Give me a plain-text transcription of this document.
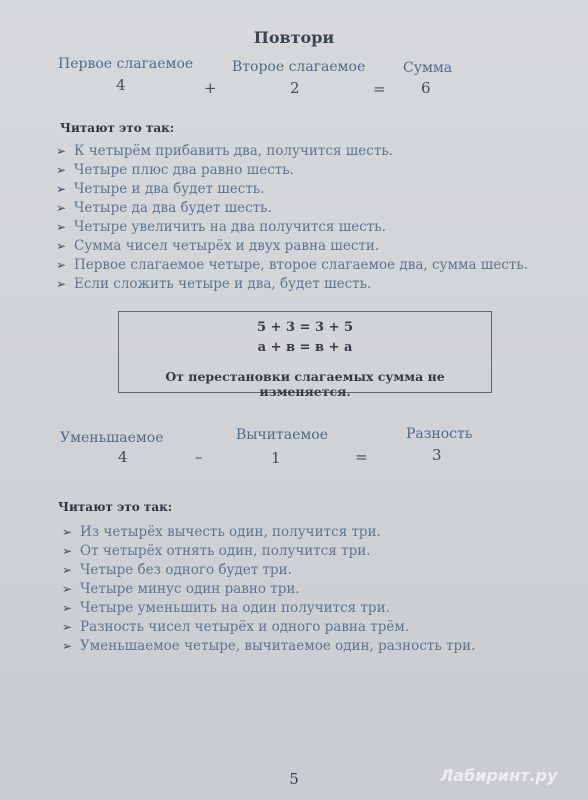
Повтори
Первое слагаемое	Второе слагаемое	Сумма
4	+	2	= 6
Читают это так:
➢ К четырём прибавить два, получится шесть.
➢ Четыре плюс два равно шесть.
➢ Четыре и два будет шесть.
➢ Четыре да два будет шесть.
➢ Четыре увеличить на два получится шесть.
➢ Сумма чисел четырёх и двух равна шести.
➢ Первое слагаемое четыре, второе слагаемое два, сумма шесть.
➢ Если сложить четыре и два, будет шесть.
5 + 3 = 3 + 5
а + в = в + а
От перестановки слагаемых сумма не изменяется.
Уменьшаемое	Вычитаемое	Разность
4	–	1	=	3
Читают это так:
➢ Из четырёх вычесть один, получится три.
➢ От четырёх отнять один, получится три.
➢ Четыре без одного будет три.
➢ Четыре минус один равно три.
➢ Четыре уменьшить на один получится три.
➢ Разность чисел четырёх и одного равна трём.
➢ Уменьшаемое четыре, вычитаемое один, разность три.
5	Лабиринт.ру
